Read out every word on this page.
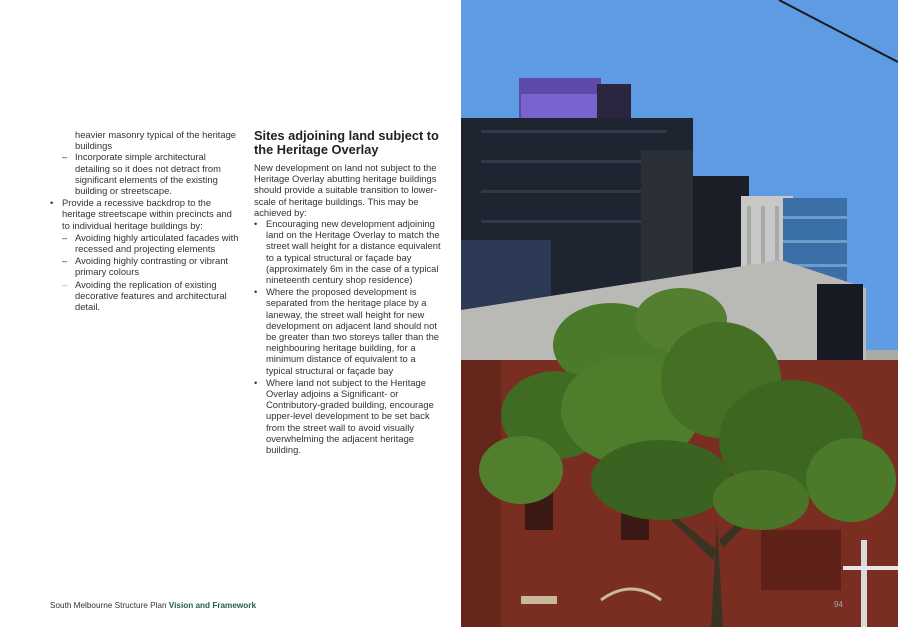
heavier masonry typical of the heritage buildings
– Incorporate simple architectural detailing so it does not detract from significant elements of the existing building or streetscape.
• Provide a recessive backdrop to the heritage streetscape within precincts and to individual heritage buildings by:
– Avoiding highly articulated facades with recessed and projecting elements
– Avoiding highly contrasting or vibrant primary colours
– Avoiding the replication of existing decorative features and architectural detail.
Sites adjoining land subject to the Heritage Overlay
New development on land not subject to the Heritage Overlay abutting heritage buildings should provide a suitable transition to lower-scale of heritage buildings. This may be achieved by:
• Encouraging new development adjoining land on the Heritage Overlay to match the street wall height for a distance equivalent to a typical structural or façade bay (approximately 6m in the case of a typical nineteenth century shop residence)
• Where the proposed development is separated from the heritage place by a laneway, the street wall height for new development on adjacent land should not be greater than two storeys taller than the neighbouring heritage building, for a minimum distance of equivalent to a typical structural or façade bay
• Where land not subject to the Heritage Overlay adjoins a Significant- or Contributory-graded building, encourage upper-level development to be set back from the street wall to avoid visually overwhelming the adjacent heritage building.
South Melbourne Structure Plan Vision and Framework	94
